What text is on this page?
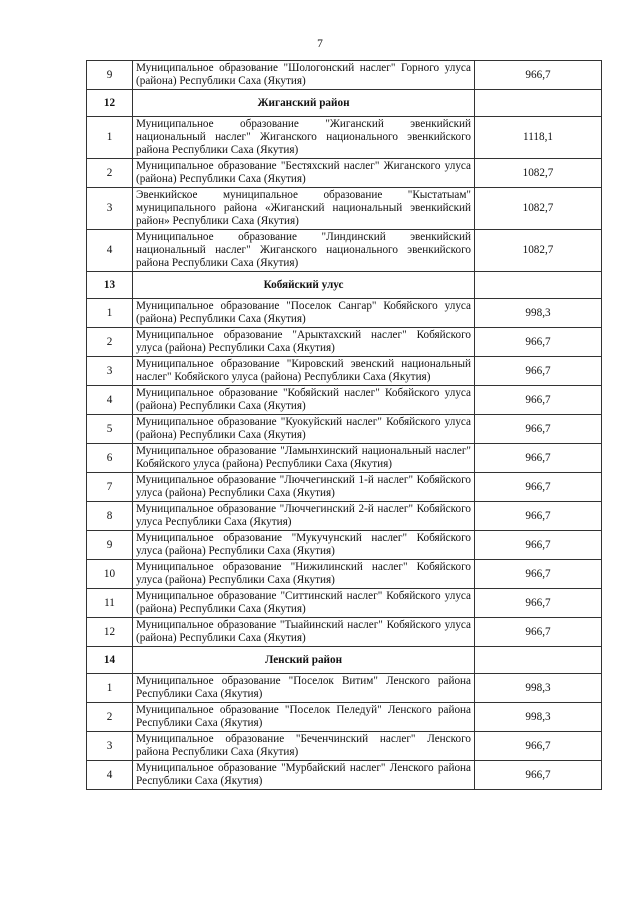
7
9	Муниципальное образование "Шологонский наслег" Горного улуса (района) Республики Саха (Якутия)	966,7
12	Жиганский район	
1	Муниципальное образование "Жиганский эвенкийский национальный наслег" Жиганского национального эвенкийского района Республики Саха (Якутия)	1118,1
2	Муниципальное образование "Бестяхский наслег" Жиганского улуса (района) Республики Саха (Якутия)	1082,7
3	Эвенкийское муниципальное образование "Кыстатыам" муниципального района «Жиганский национальный эвенкийский район» Республики Саха (Якутия)	1082,7
4	Муниципальное образование "Линдинский эвенкийский национальный наслег" Жиганского национального эвенкийского района Республики Саха (Якутия)	1082,7
13	Кобяйский улус	
1	Муниципальное образование "Поселок Сангар" Кобяйского улуса (района) Республики Саха (Якутия)	998,3
2	Муниципальное образование "Арыктахский наслег" Кобяйского улуса (района) Республики Саха (Якутия)	966,7
3	Муниципальное образование "Кировский эвенский национальный наслег" Кобяйского улуса (района) Республики Саха (Якутия)	966,7
4	Муниципальное образование "Кобяйский наслег" Кобяйского улуса (района) Республики Саха (Якутия)	966,7
5	Муниципальное образование "Куокуйский наслег" Кобяйского улуса (района) Республики Саха (Якутия)	966,7
6	Муниципальное образование "Ламынхинский национальный наслег" Кобяйского улуса (района) Республики Саха (Якутия)	966,7
7	Муниципальное образование "Люччегинский 1-й наслег" Кобяйского улуса (района) Республики Саха (Якутия)	966,7
8	Муниципальное образование "Люччегинский 2-й наслег" Кобяйского улуса Республики Саха (Якутия)	966,7
9	Муниципальное образование "Мукучунский наслег" Кобяйского улуса (района) Республики Саха (Якутия)	966,7
10	Муниципальное образование "Нижилинский наслег" Кобяйского улуса (района) Республики Саха (Якутия)	966,7
11	Муниципальное образование "Ситтинский наслег" Кобяйского улуса (района) Республики Саха (Якутия)	966,7
12	Муниципальное образование "Тыайинский наслег" Кобяйского улуса (района) Республики Саха (Якутия)	966,7
14	Ленский район	
1	Муниципальное образование "Поселок Витим" Ленского района Республики Саха (Якутия)	998,3
2	Муниципальное образование "Поселок Пеледуй" Ленского района Республики Саха (Якутия)	998,3
3	Муниципальное образование "Беченчинский наслег" Ленского района Республики Саха (Якутия)	966,7
4	Муниципальное образование "Мурбайский наслег" Ленского района Республики Саха (Якутия)	966,7
